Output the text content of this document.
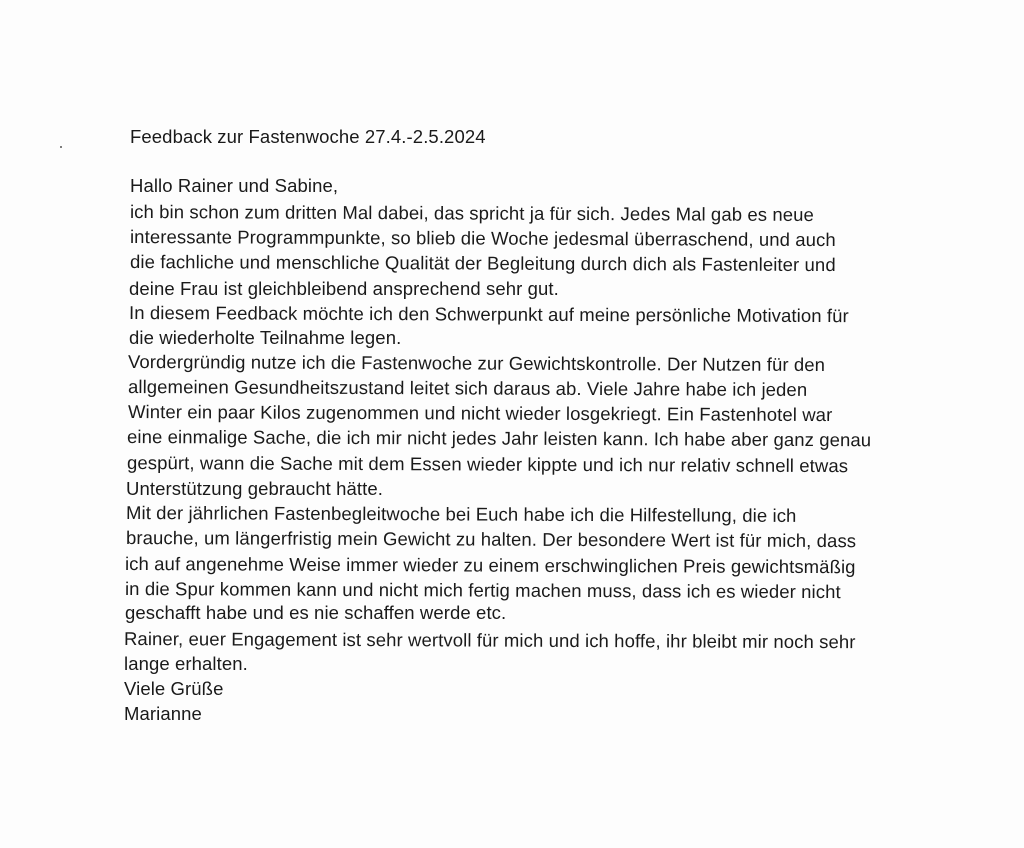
Feedback zur Fastenwoche 27.4.-2.5.2024

Hallo Rainer und Sabine,

ich bin schon zum dritten Mal dabei, das spricht ja für sich. Jedes Mal gab es neue

interessante Programmpunkte, so blieb die Woche jedesmal überraschend, und auch

die fachliche und menschliche Qualität der Begleitung durch dich als Fastenleiter und

deine Frau ist gleichbleibend ansprechend sehr gut.

In diesem Feedback möchte ich den Schwerpunkt auf meine persönliche Motivation für

die wiederholte Teilnahme legen.

Vordergründig nutze ich die Fastenwoche zur Gewichtskontrolle. Der Nutzen für den

allgemeinen Gesundheitszustand leitet sich daraus ab. Viele Jahre habe ich jeden

Winter ein paar Kilos zugenommen und nicht wieder losgekriegt. Ein Fastenhotel war

eine einmalige Sache, die ich mir nicht jedes Jahr leisten kann. Ich habe aber ganz genau

gespürt, wann die Sache mit dem Essen wieder kippte und ich nur relativ schnell etwas

Unterstützung gebraucht hätte.

Mit der jährlichen Fastenbegleitwoche bei Euch habe ich die Hilfestellung, die ich

brauche, um längerfristig mein Gewicht zu halten. Der besondere Wert ist für mich, dass

ich auf angenehme Weise immer wieder zu einem erschwinglichen Preis gewichtsmäßig

in die Spur kommen kann und nicht mich fertig machen muss, dass ich es wieder nicht

geschafft habe und es nie schaffen werde etc.

Rainer, euer Engagement ist sehr wertvoll für mich und ich hoffe, ihr bleibt mir noch sehr

lange erhalten.

Viele Grüße

Marianne
